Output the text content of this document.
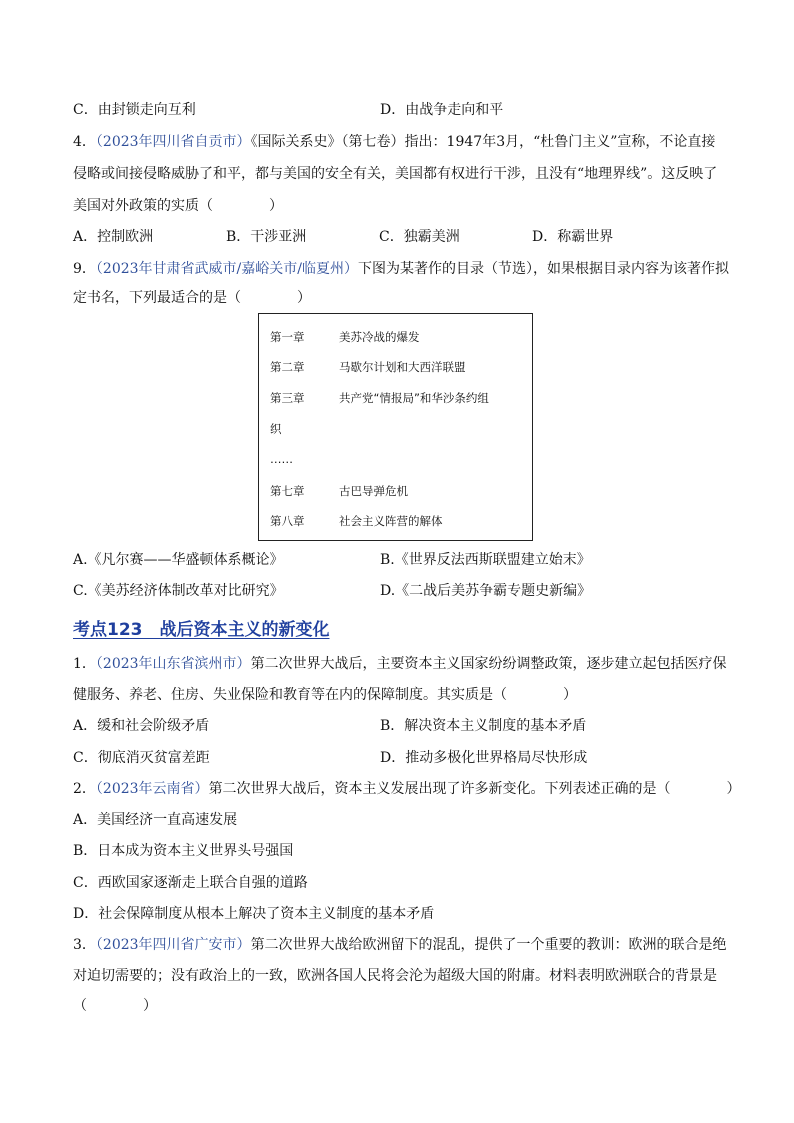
C．由封锁走向互利	D．由战争走向和平
4．（2023年四川省自贡市）《国际关系史》（第七卷）指出：1947年3月，“杜鲁门主义”宣称，不论直接
侵略或间接侵略威胁了和平，都与美国的安全有关，美国都有权进行干涉，且没有“地理界线”。这反映了
美国对外政策的实质（　　　　）
A．控制欧洲	B．干涉亚洲	C．独霸美洲	D．称霸世界
9．（2023年甘肃省武威市/嘉峪关市/临夏州）下图为某著作的目录（节选），如果根据目录内容为该著作拟
定书名，下列最适合的是（　　　　）
第一章	美苏冷战的爆发
第二章	马歇尔计划和大西洋联盟
第三章	共产党“情报局”和华沙条约组
织
……
第七章	古巴导弹危机
第八章	社会主义阵营的解体
A.《凡尔赛——华盛顿体系概论》	B.《世界反法西斯联盟建立始末》
C.《美苏经济体制改革对比研究》	D.《二战后美苏争霸专题史新编》
考点123　战后资本主义的新变化
1．（2023年山东省滨州市）第二次世界大战后，主要资本主义国家纷纷调整政策，逐步建立起包括医疗保
健服务、养老、住房、失业保险和教育等在内的保障制度。其实质是（　　　　）
A．缓和社会阶级矛盾	B．解决资本主义制度的基本矛盾
C．彻底消灭贫富差距	D．推动多极化世界格局尽快形成
2．（2023年云南省）第二次世界大战后，资本主义发展出现了许多新变化。下列表述正确的是（　　　　）
A．美国经济一直高速发展
B．日本成为资本主义世界头号强国
C．西欧国家逐渐走上联合自强的道路
D．社会保障制度从根本上解决了资本主义制度的基本矛盾
3．（2023年四川省广安市）第二次世界大战给欧洲留下的混乱，提供了一个重要的教训：欧洲的联合是绝
对迫切需要的；没有政治上的一致，欧洲各国人民将会沦为超级大国的附庸。材料表明欧洲联合的背景是
（　　　　）
